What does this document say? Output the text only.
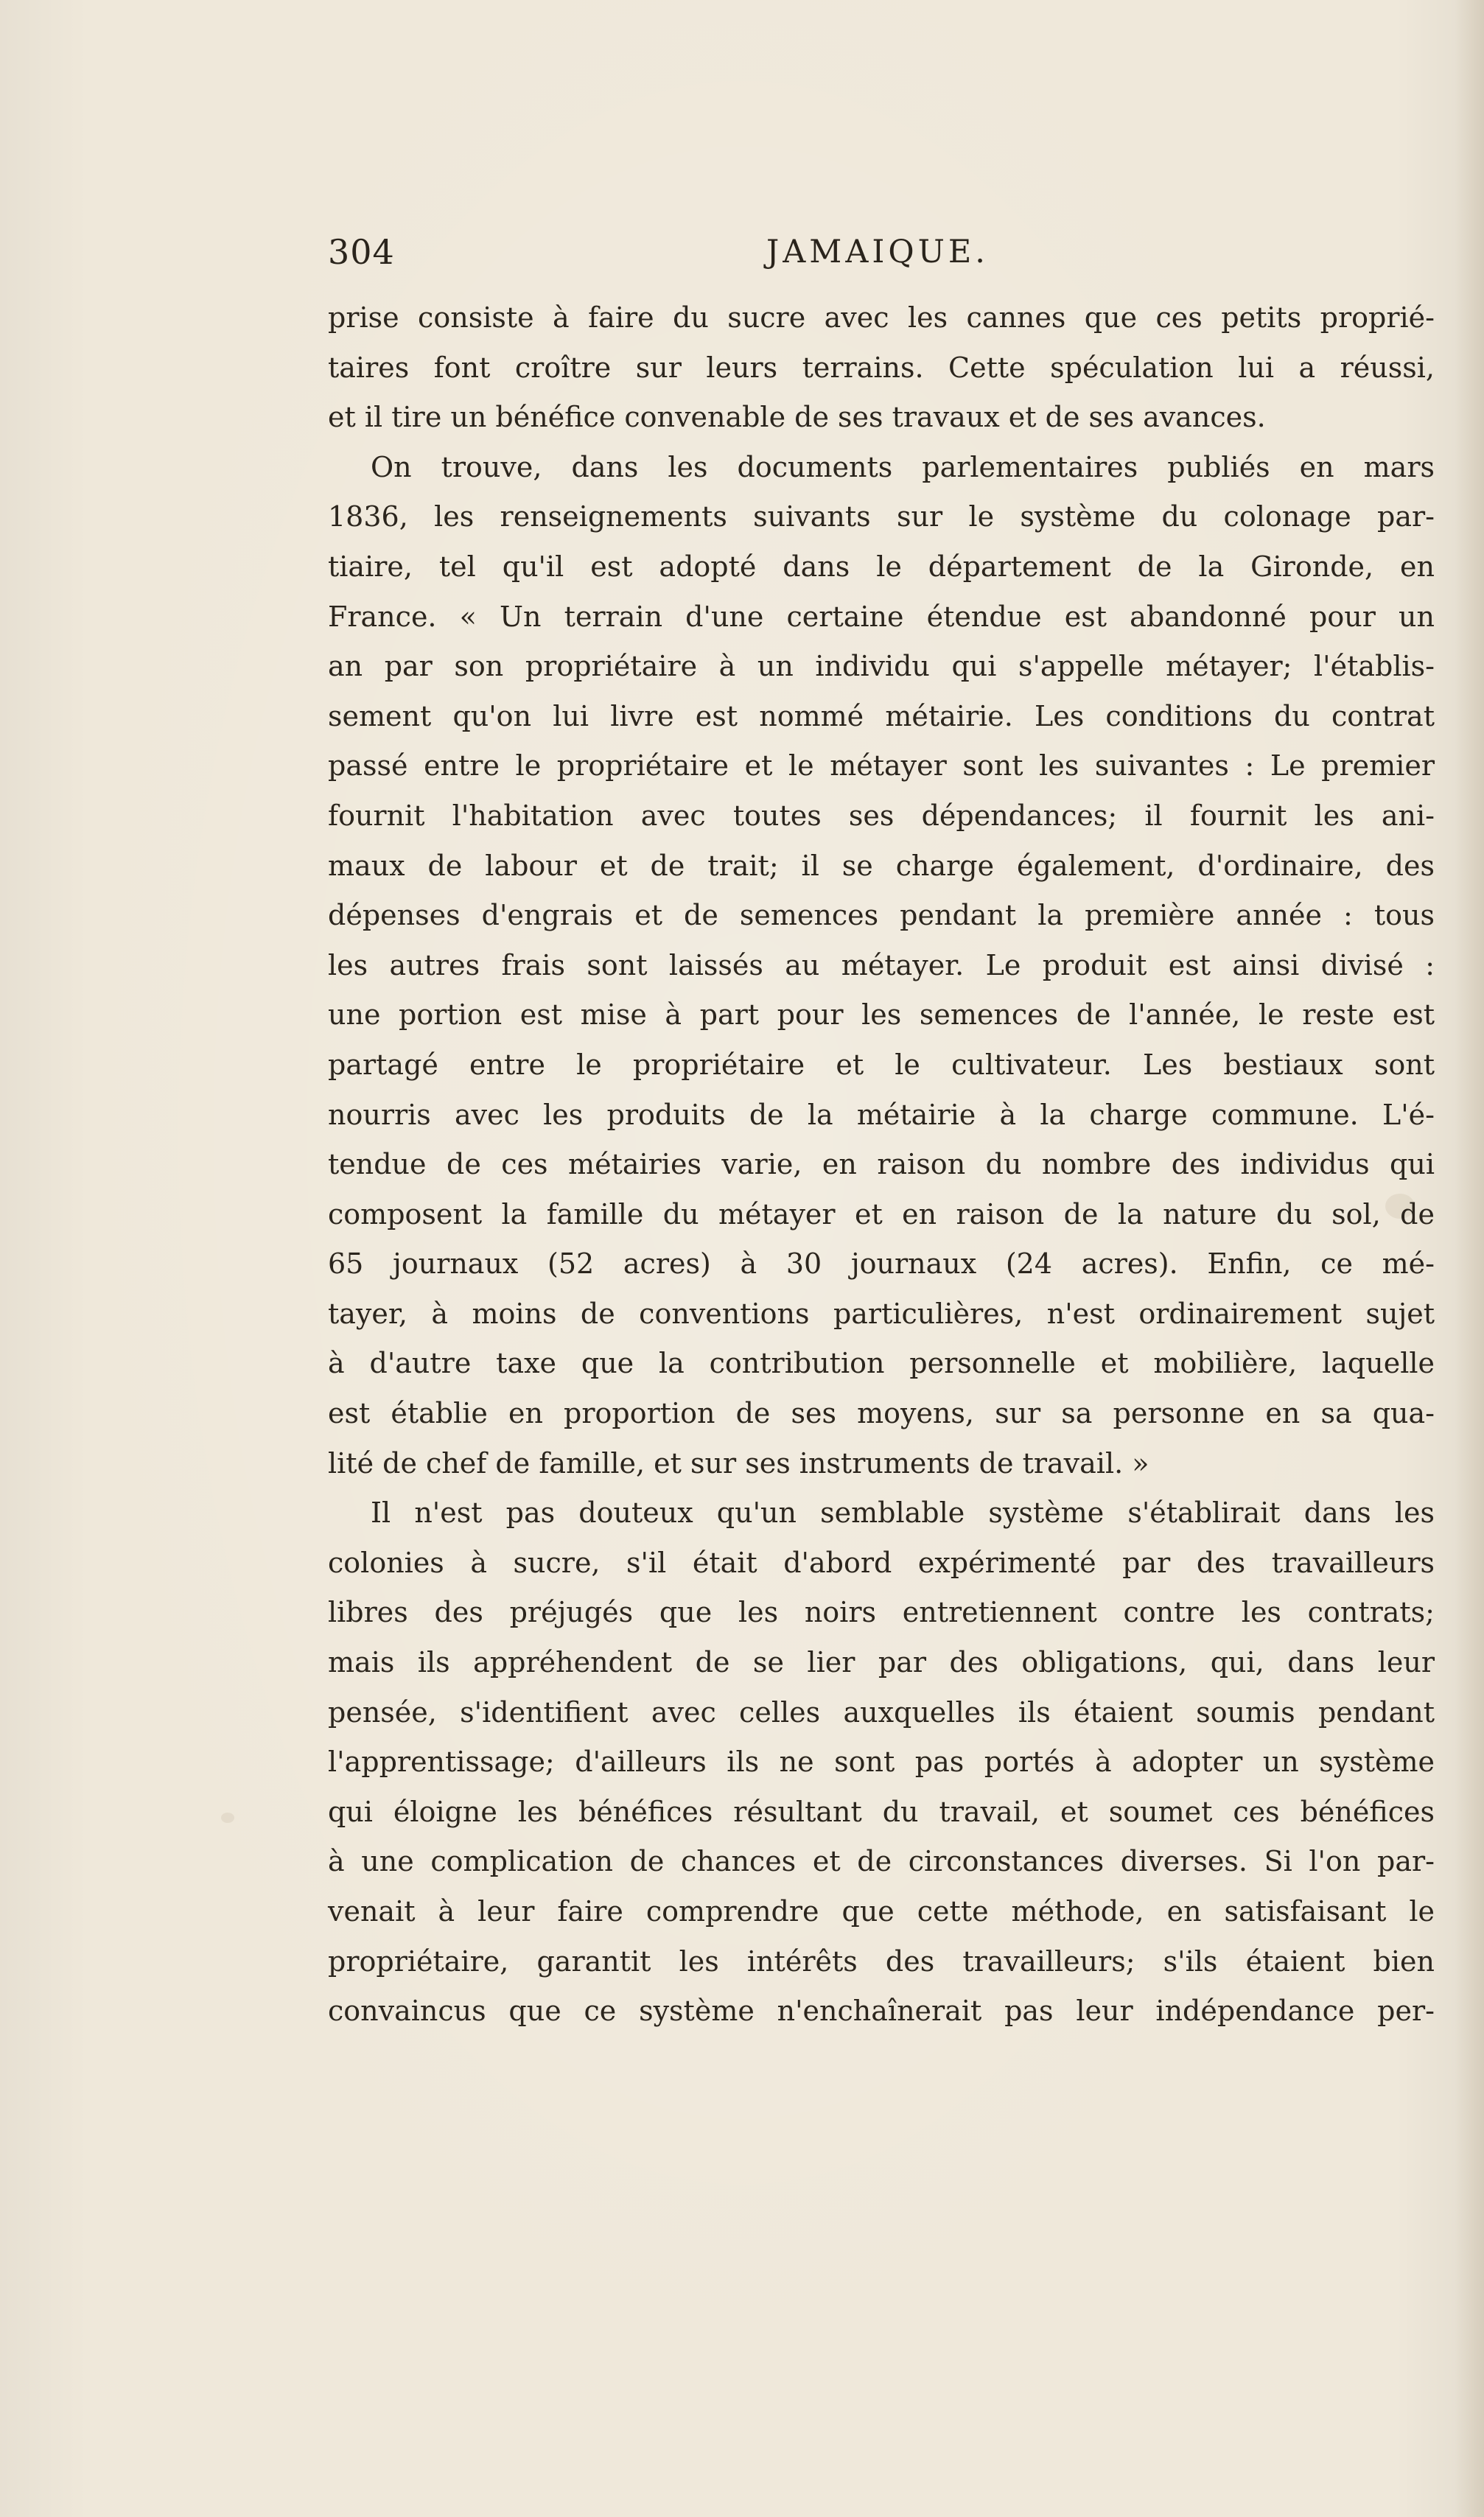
304	JAMAIQUE.
prise consiste à faire du sucre avec les cannes que ces petits proprié-
taires font croître sur leurs terrains. Cette spéculation lui a réussi,
et il tire un bénéfice convenable de ses travaux et de ses avances.
On trouve, dans les documents parlementaires publiés en mars
1836, les renseignements suivants sur le système du colonage par-
tiaire, tel qu'il est adopté dans le département de la Gironde, en
France. « Un terrain d'une certaine étendue est abandonné pour un
an par son propriétaire à un individu qui s'appelle métayer; l'établis-
sement qu'on lui livre est nommé métairie. Les conditions du contrat
passé entre le propriétaire et le métayer sont les suivantes : Le premier
fournit l'habitation avec toutes ses dépendances; il fournit les ani-
maux de labour et de trait; il se charge également, d'ordinaire, des
dépenses d'engrais et de semences pendant la première année : tous
les autres frais sont laissés au métayer. Le produit est ainsi divisé :
une portion est mise à part pour les semences de l'année, le reste est
partagé entre le propriétaire et le cultivateur. Les bestiaux sont
nourris avec les produits de la métairie à la charge commune. L'é-
tendue de ces métairies varie, en raison du nombre des individus qui
composent la famille du métayer et en raison de la nature du sol, de
65 journaux (52 acres) à 30 journaux (24 acres). Enfin, ce mé-
tayer, à moins de conventions particulières, n'est ordinairement sujet
à d'autre taxe que la contribution personnelle et mobilière, laquelle
est établie en proportion de ses moyens, sur sa personne en sa qua-
lité de chef de famille, et sur ses instruments de travail. »
Il n'est pas douteux qu'un semblable système s'établirait dans les
colonies à sucre, s'il était d'abord expérimenté par des travailleurs
libres des préjugés que les noirs entretiennent contre les contrats;
mais ils appréhendent de se lier par des obligations, qui, dans leur
pensée, s'identifient avec celles auxquelles ils étaient soumis pendant
l'apprentissage; d'ailleurs ils ne sont pas portés à adopter un système
qui éloigne les bénéfices résultant du travail, et soumet ces bénéfices
à une complication de chances et de circonstances diverses. Si l'on par-
venait à leur faire comprendre que cette méthode, en satisfaisant le
propriétaire, garantit les intérêts des travailleurs; s'ils étaient bien
convaincus que ce système n'enchaînerait pas leur indépendance per-
